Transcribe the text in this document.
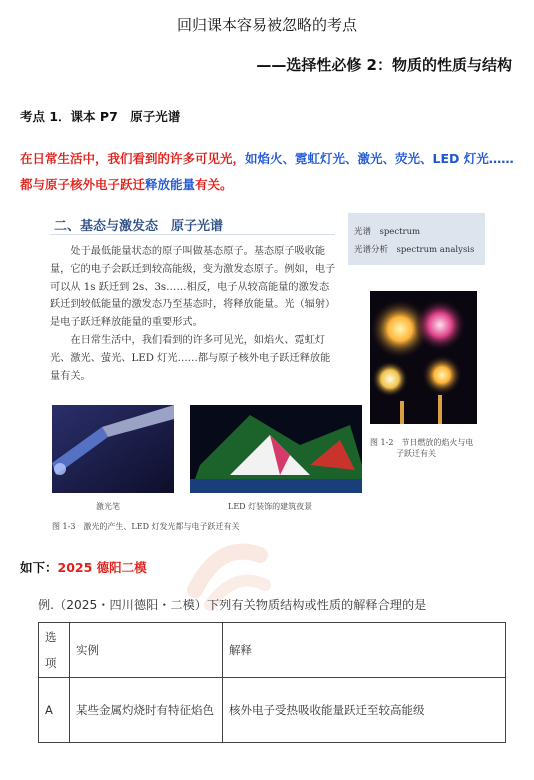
回归课本容易被忽略的考点
——选择性必修 2：物质的性质与结构
考点 1．课本 P7　原子光谱
在日常生活中，我们看到的许多可见光，如焰火、霓虹灯光、激光、荧光、LED 灯光……都与原子核外电子跃迁释放能量有关。
二、基态与激发态　原子光谱

处于最低能量状态的原子叫做基态原子。基态原子吸收能量，它的电子会跃迁到较高能级，变为激发态原子。例如，电子可以从 1s 跃迁到 2s、3s……相反，电子从较高能量的激发态跃迁到较低能量的激发态乃至基态时，将释放能量。光（辐射）是电子跃迁释放能量的重要形式。

在日常生活中，我们看到的许多可见光，如焰火、霓虹灯光、激光、萤光、LED 灯光……都与原子核外电子跃迁释放能量有关。

光谱　spectrum
光谱分析　spectrum analysis
图 1-2　节日燃放的焰火与电
子跃迁有关
激光笔	LED 灯装饰的建筑夜景
图 1-3　激光的产生、LED 灯发光都与电子跃迁有关
如下：2025 德阳二模
例.（2025・四川德阳・二模）下列有关物质结构或性质的解释合理的是
选项	实例	解释
A	某些金属灼烧时有特征焰色	核外电子受热吸收能量跃迁至较高能级
